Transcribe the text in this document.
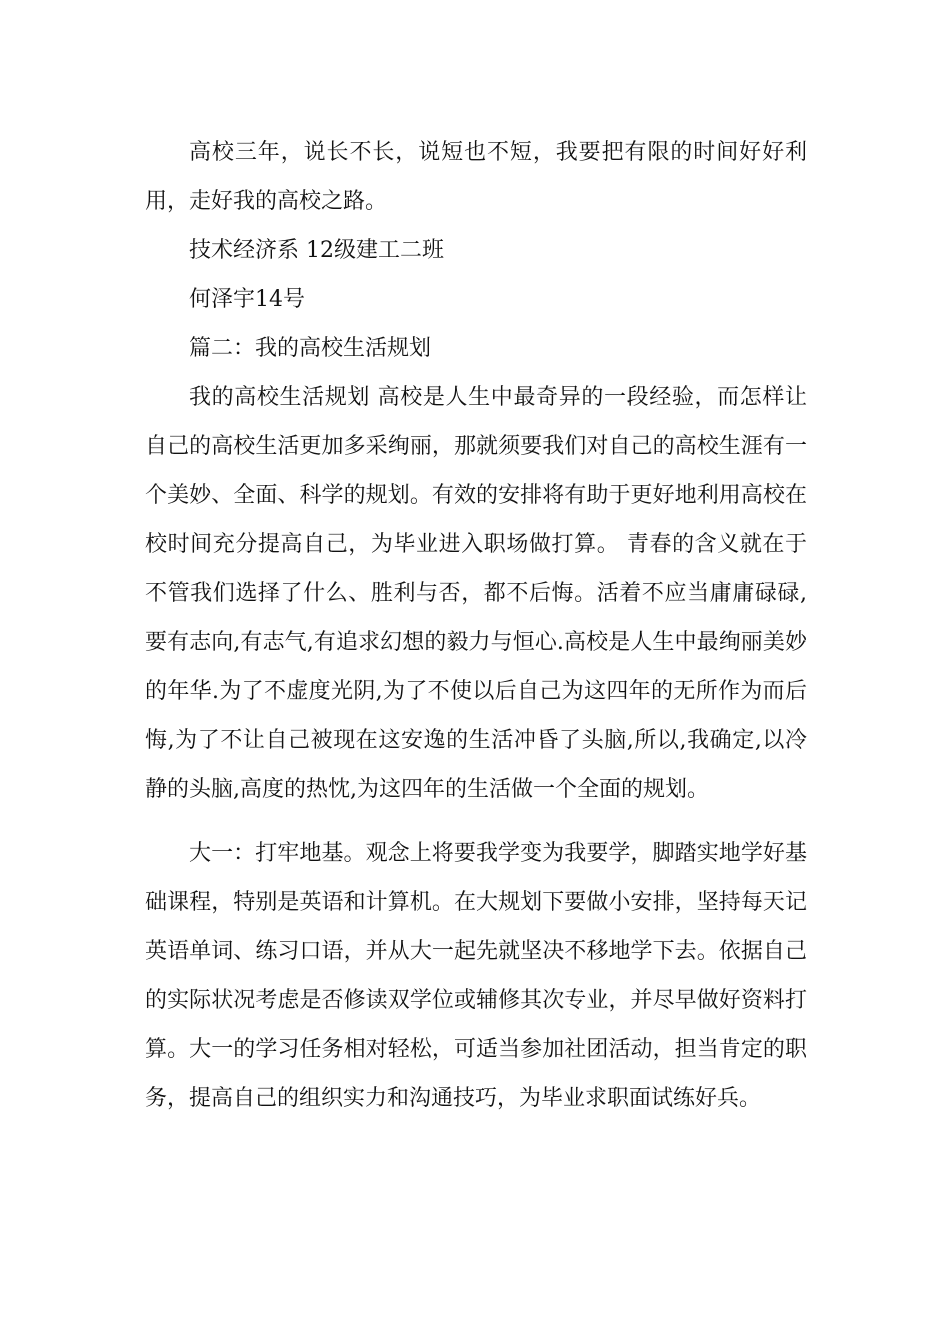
高校三年，说长不长，说短也不短，我要把有限的时间好好利用，走好我的高校之路。

技术经济系 12级建工二班

何泽宇14号

篇二：我的高校生活规划

我的高校生活规划 高校是人生中最奇异的一段经验，而怎样让自己的高校生活更加多采绚丽，那就须要我们对自己的高校生涯有一个美妙、全面、科学的规划。有效的安排将有助于更好地利用高校在校时间充分提高自己，为毕业进入职场做打算。 青春的含义就在于不管我们选择了什么、胜利与否，都不后悔。活着不应当庸庸碌碌,要有志向,有志气,有追求幻想的毅力与恒心.高校是人生中最绚丽美妙的年华.为了不虚度光阴,为了不使以后自己为这四年的无所作为而后悔,为了不让自己被现在这安逸的生活冲昏了头脑,所以,我确定,以冷静的头脑,高度的热忱,为这四年的生活做一个全面的规划。

大一：打牢地基。观念上将要我学变为我要学，脚踏实地学好基础课程，特别是英语和计算机。在大规划下要做小安排，坚持每天记英语单词、练习口语，并从大一起先就坚决不移地学下去。依据自己的实际状况考虑是否修读双学位或辅修其次专业，并尽早做好资料打算。大一的学习任务相对轻松，可适当参加社团活动，担当肯定的职务，提高自己的组织实力和沟通技巧，为毕业求职面试练好兵。
